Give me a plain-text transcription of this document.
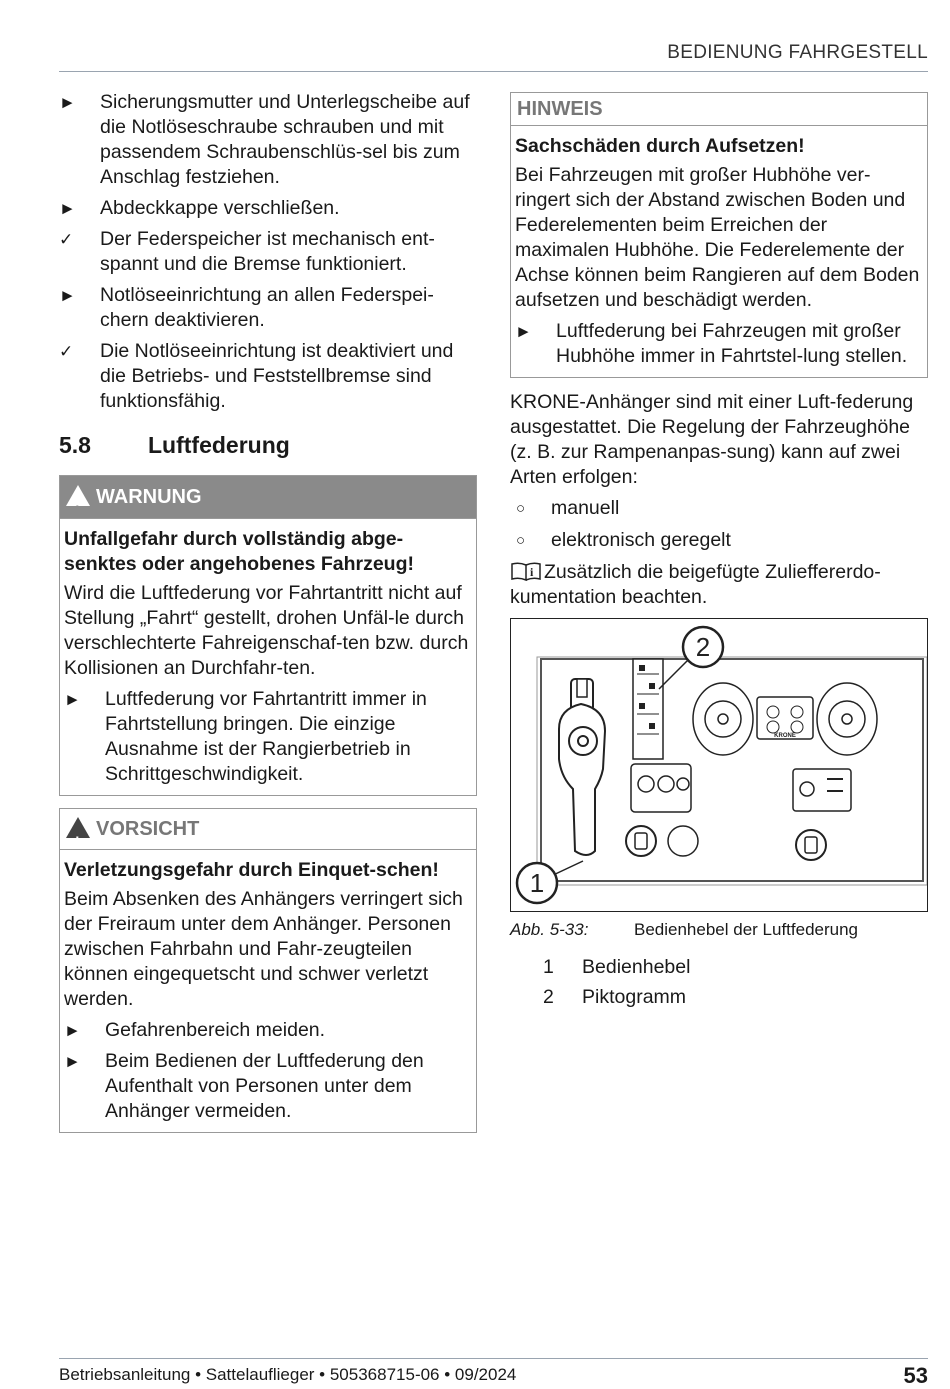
BEDIENUNG FAHRGESTELL
►	Sicherungsmutter und Unterlegscheibe auf die Notlöseschraube schrauben und mit passendem Schraubenschlüs-sel bis zum Anschlag festziehen.
►	Abdeckkappe verschließen.
✓	Der Federspeicher ist mechanisch ent-spannt und die Bremse funktioniert.
►	Notlöseeinrichtung an allen Federspei-chern deaktivieren.
✓	Die Notlöseeinrichtung ist deaktiviert und die Betriebs- und Feststellbremse sind funktionsfähig.
5.8	Luftfederung
!WARNUNG
Unfallgefahr durch vollständig abge-senktes oder angehobenes Fahrzeug!
Wird die Luftfederung vor Fahrtantritt nicht auf Stellung „Fahrt“ gestellt, drohen Unfäl-le durch verschlechterte Fahreigenschaf-ten bzw. durch Kollisionen an Durchfahr-ten.
►	Luftfederung vor Fahrtantritt immer in Fahrtstellung bringen. Die einzige Ausnahme ist der Rangierbetrieb in Schrittgeschwindigkeit.
!VORSICHT
Verletzungsgefahr durch Einquet-schen!
Beim Absenken des Anhängers verringert sich der Freiraum unter dem Anhänger. Personen zwischen Fahrbahn und Fahr-zeugteilen können eingequetscht und schwer verletzt werden.
►	Gefahrenbereich meiden.
►	Beim Bedienen der Luftfederung den Aufenthalt von Personen unter dem Anhänger vermeiden.
HINWEIS
Sachschäden durch Aufsetzen!
Bei Fahrzeugen mit großer Hubhöhe ver-ringert sich der Abstand zwischen Boden und Federelementen beim Erreichen der maximalen Hubhöhe. Die Federelemente der Achse können beim Rangieren auf dem Boden aufsetzen und beschädigt werden.
►	Luftfederung bei Fahrzeugen mit großer Hubhöhe immer in Fahrtstel-lung stellen.
KRONE-Anhänger sind mit einer Luft-federung ausgestattet. Die Regelung der Fahrzeughöhe (z. B. zur Rampenanpas-sung) kann auf zwei Arten erfolgen:
○	manuell
○	elektronisch geregelt
i Zusätzlich die beigefügte Zulieffererdo-kumentation beachten.
KRONE
1
2
Abb. 5-33:	Bedienhebel der Luftfederung
1	Bedienhebel
2	Piktogramm
Betriebsanleitung • Sattelauflieger • 505368715-06 • 09/2024	53
